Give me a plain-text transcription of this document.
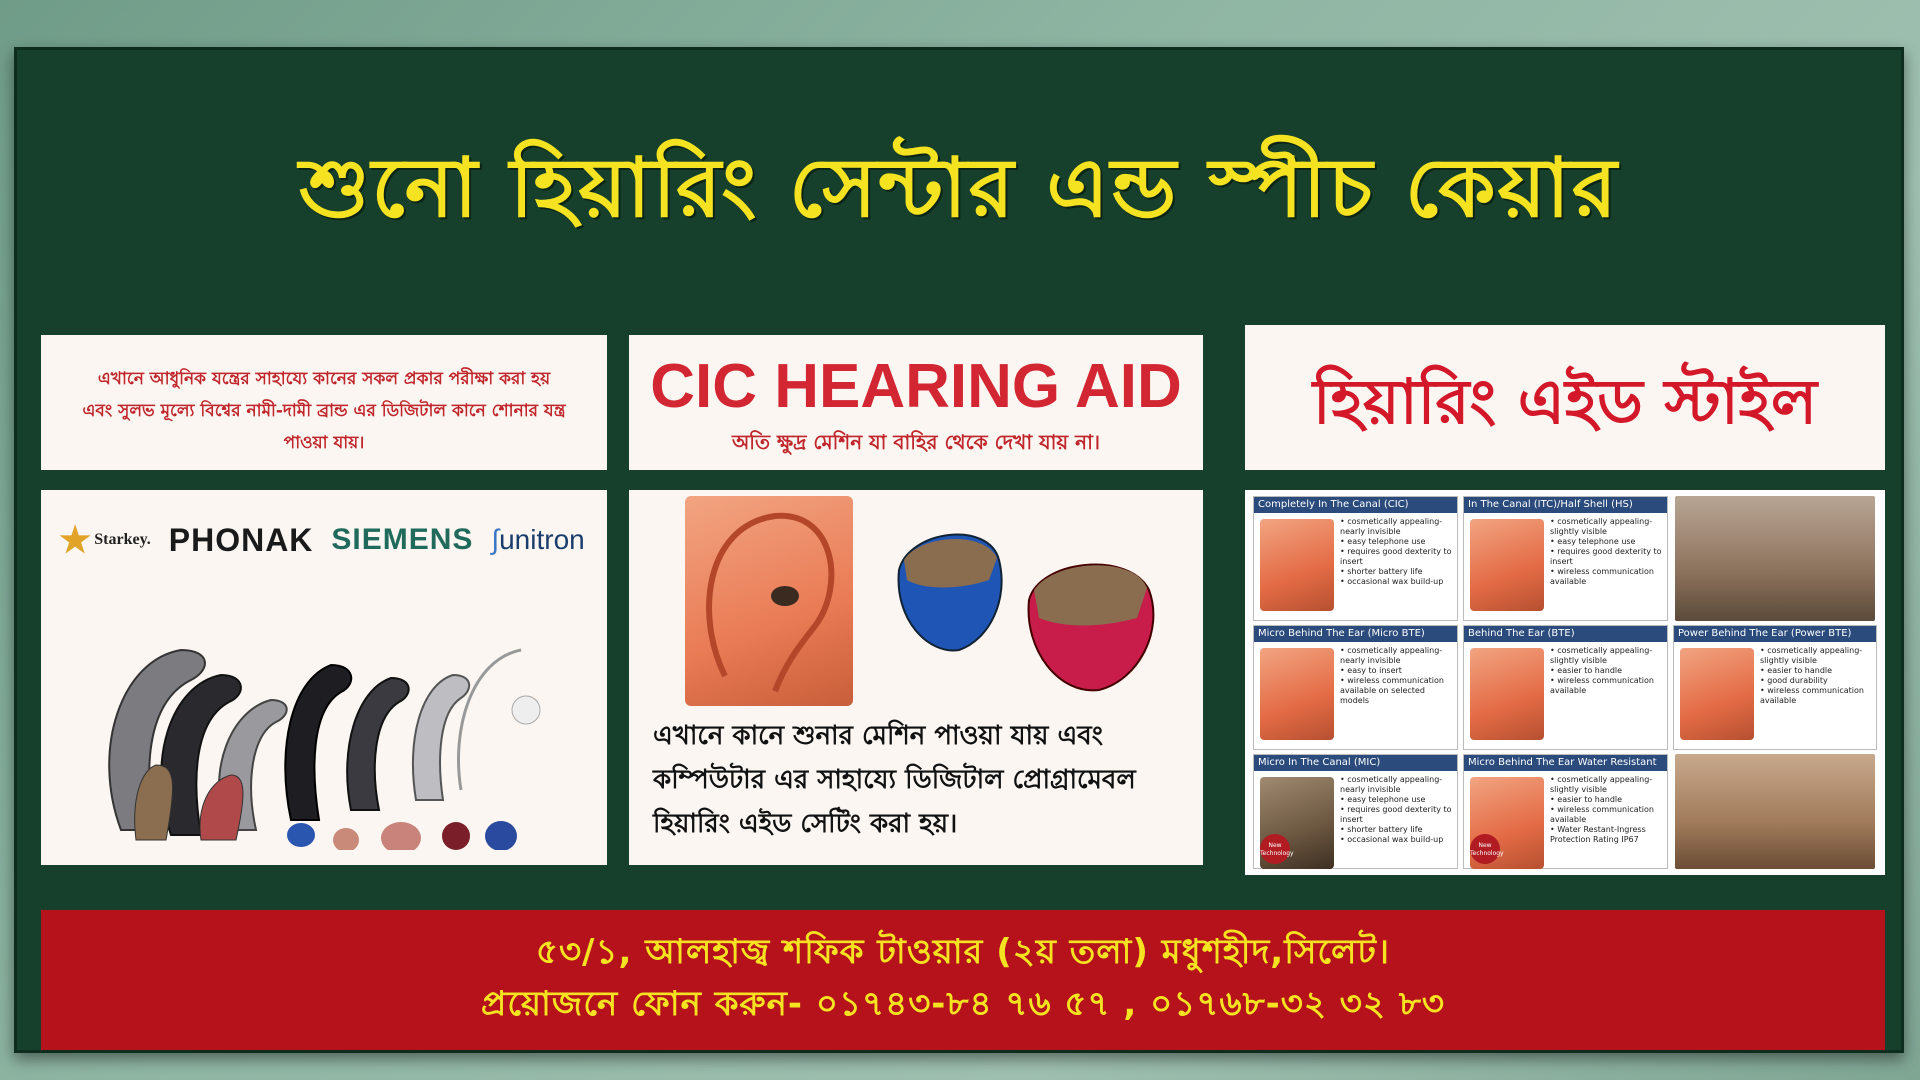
শুনো হিয়ারিং সেন্টার এন্ড স্পীচ কেয়ার
এখানে আধুনিক যন্ত্রের সাহায্যে কানের সকল প্রকার পরীক্ষা করা হয়
এবং সুলভ মূল্যে বিশ্বের নামী-দামী ব্রান্ড এর ডিজিটাল কানে শোনার যন্ত্র পাওয়া যায়।
CIC HEARING AID
অতি ক্ষুদ্র মেশিন যা বাহির থেকে দেখা যায় না।
হিয়ারিং এইড স্টাইল
★ Starkey. PHONAK SIEMENS ∫unitron
এখানে কানে শুনার মেশিন পাওয়া যায় এবং
কম্পিউটার এর সাহায্যে ডিজিটাল প্রোগ্রামেবল
হিয়ারিং এইড সেটিং করা হয়।
Completely In The Canal (CIC)
• cosmetically appealing-nearly invisible
• easy telephone use
• requires good dexterity to insert
• shorter battery life
• occasional wax build-up
In The Canal (ITC)/Half Shell (HS)
• cosmetically appealing-slightly visible
• easy telephone use
• requires good dexterity to insert
• wireless communication available
Micro Behind The Ear (Micro BTE)
• cosmetically appealing-nearly invisible
• easy to insert
• wireless communication available on selected models
Behind The Ear (BTE)
• cosmetically appealing-slightly visible
• easier to handle
• wireless communication available
Power Behind The Ear (Power BTE)
• cosmetically appealing-slightly visible
• easier to handle
• good durability
• wireless communication available
Micro In The Canal (MIC)
• cosmetically appealing-nearly invisible
• easy telephone use
• requires good dexterity to insert
• shorter battery life
• occasional wax build-up
New Technology
Micro Behind The Ear Water Resistant
• cosmetically appealing-slightly visible
• easier to handle
• wireless communication available
• Water Restant-Ingress Protection Rating IP67
New Technology
৫৩/১, আলহাজ্ব শফিক টাওয়ার (২য় তলা) মধুশহীদ,সিলেট।
প্রয়োজনে ফোন করুন- ০১৭৪৩-৮৪ ৭৬ ৫৭ , ০১৭৬৮-৩২ ৩২ ৮৩
